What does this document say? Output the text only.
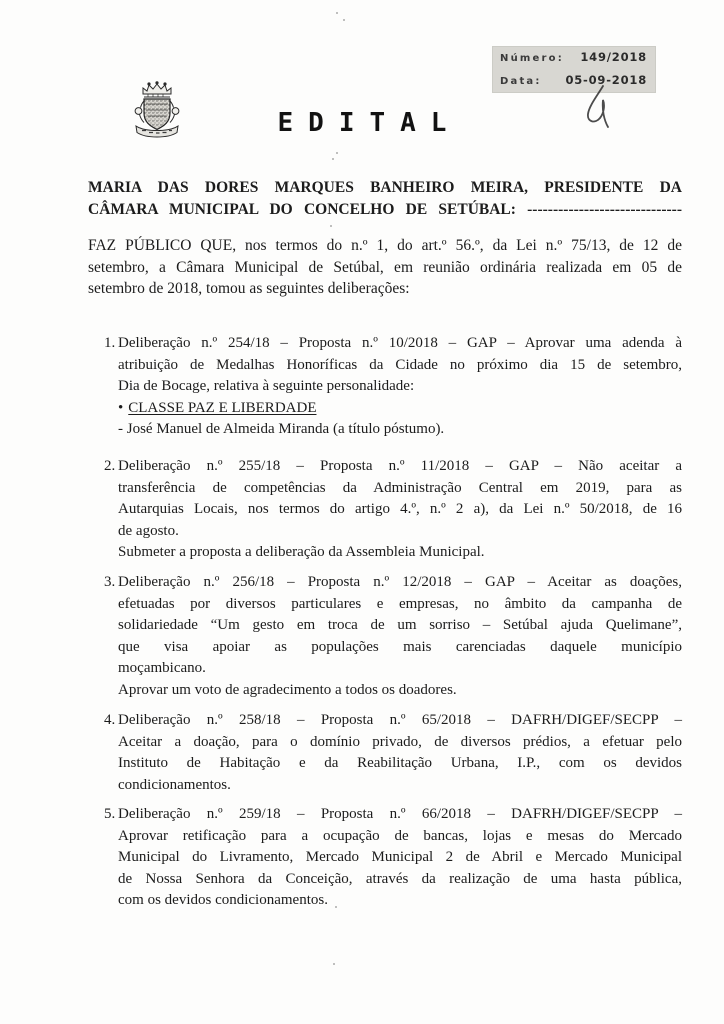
Número: 149/2018
Data: 05-09-2018
EDITAL
MARIA DAS DORES MARQUES BANHEIRO MEIRA, PRESIDENTE DA
CÂMARA MUNICIPAL DO CONCELHO DE SETÚBAL: ------------------------------
FAZ PÚBLICO QUE, nos termos do n.º 1, do art.º 56.º, da Lei n.º 75/13, de 12 de
setembro, a Câmara Municipal de Setúbal, em reunião ordinária realizada em 05 de
setembro de 2018, tomou as seguintes deliberações:
1. Deliberação n.º 254/18 – Proposta n.º 10/2018 – GAP – Aprovar uma adenda à
atribuição de Medalhas Honoríficas da Cidade no próximo dia 15 de setembro,
Dia de Bocage, relativa à seguinte personalidade:
• CLASSE PAZ E LIBERDADE
- José Manuel de Almeida Miranda (a título póstumo).
2. Deliberação n.º 255/18 – Proposta n.º 11/2018 – GAP – Não aceitar a
transferência de competências da Administração Central em 2019, para as
Autarquias Locais, nos termos do artigo 4.º, n.º 2 a), da Lei n.º 50/2018, de 16
de agosto.
Submeter a proposta a deliberação da Assembleia Municipal.
3. Deliberação n.º 256/18 – Proposta n.º 12/2018 – GAP – Aceitar as doações,
efetuadas por diversos particulares e empresas, no âmbito da campanha de
solidariedade “Um gesto em troca de um sorriso – Setúbal ajuda Quelimane”,
que visa apoiar as populações mais carenciadas daquele município
moçambicano.
Aprovar um voto de agradecimento a todos os doadores.
4. Deliberação n.º 258/18 – Proposta n.º 65/2018 – DAFRH/DIGEF/SECPP –
Aceitar a doação, para o domínio privado, de diversos prédios, a efetuar pelo
Instituto de Habitação e da Reabilitação Urbana, I.P., com os devidos
condicionamentos.
5. Deliberação n.º 259/18 – Proposta n.º 66/2018 – DAFRH/DIGEF/SECPP –
Aprovar retificação para a ocupação de bancas, lojas e mesas do Mercado
Municipal do Livramento, Mercado Municipal 2 de Abril e Mercado Municipal
de Nossa Senhora da Conceição, através da realização de uma hasta pública,
com os devidos condicionamentos.
